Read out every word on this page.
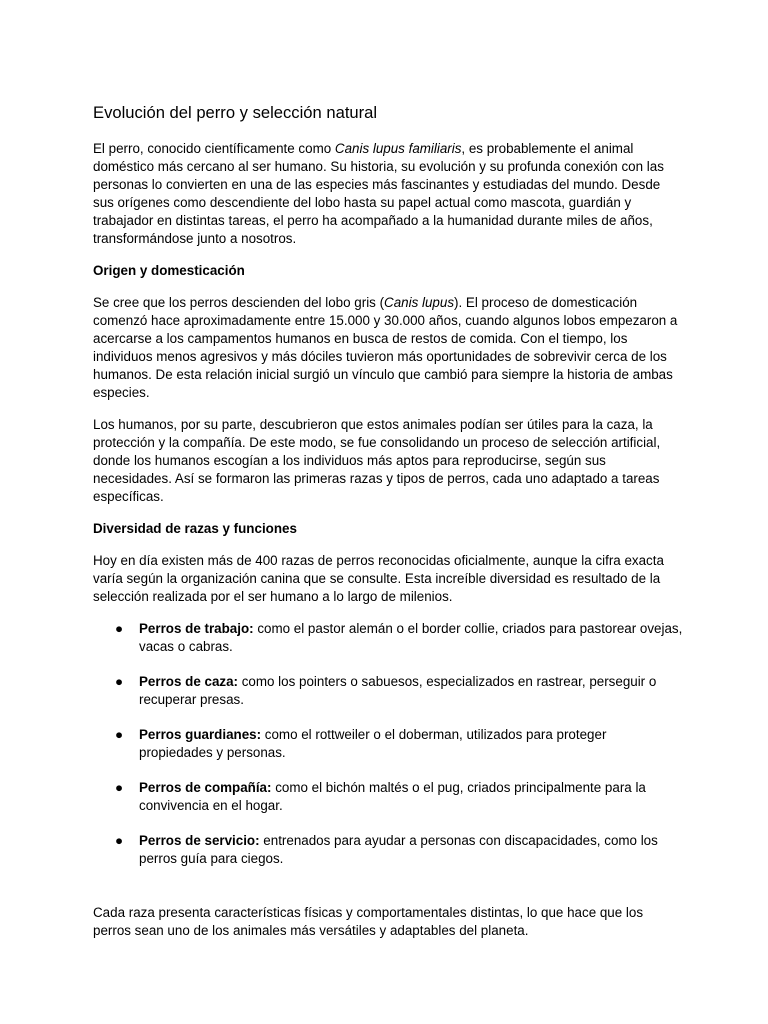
Evolución del perro y selección natural

El perro, conocido científicamente como Canis lupus familiaris, es probablemente el animal doméstico más cercano al ser humano. Su historia, su evolución y su profunda conexión con las personas lo convierten en una de las especies más fascinantes y estudiadas del mundo. Desde sus orígenes como descendiente del lobo hasta su papel actual como mascota, guardián y trabajador en distintas tareas, el perro ha acompañado a la humanidad durante miles de años, transformándose junto a nosotros.

Origen y domesticación

Se cree que los perros descienden del lobo gris (Canis lupus). El proceso de domesticación comenzó hace aproximadamente entre 15.000 y 30.000 años, cuando algunos lobos empezaron a acercarse a los campamentos humanos en busca de restos de comida. Con el tiempo, los individuos menos agresivos y más dóciles tuvieron más oportunidades de sobrevivir cerca de los humanos. De esta relación inicial surgió un vínculo que cambió para siempre la historia de ambas especies.

Los humanos, por su parte, descubrieron que estos animales podían ser útiles para la caza, la protección y la compañía. De este modo, se fue consolidando un proceso de selección artificial, donde los humanos escogían a los individuos más aptos para reproducirse, según sus necesidades. Así se formaron las primeras razas y tipos de perros, cada uno adaptado a tareas específicas.

Diversidad de razas y funciones

Hoy en día existen más de 400 razas de perros reconocidas oficialmente, aunque la cifra exacta varía según la organización canina que se consulte. Esta increíble diversidad es resultado de la selección realizada por el ser humano a lo largo de milenios.

● Perros de trabajo: como el pastor alemán o el border collie, criados para pastorear ovejas, vacas o cabras.
● Perros de caza: como los pointers o sabuesos, especializados en rastrear, perseguir o recuperar presas.
● Perros guardianes: como el rottweiler o el doberman, utilizados para proteger propiedades y personas.
● Perros de compañía: como el bichón maltés o el pug, criados principalmente para la convivencia en el hogar.
● Perros de servicio: entrenados para ayudar a personas con discapacidades, como los perros guía para ciegos.

Cada raza presenta características físicas y comportamentales distintas, lo que hace que los perros sean uno de los animales más versátiles y adaptables del planeta.
